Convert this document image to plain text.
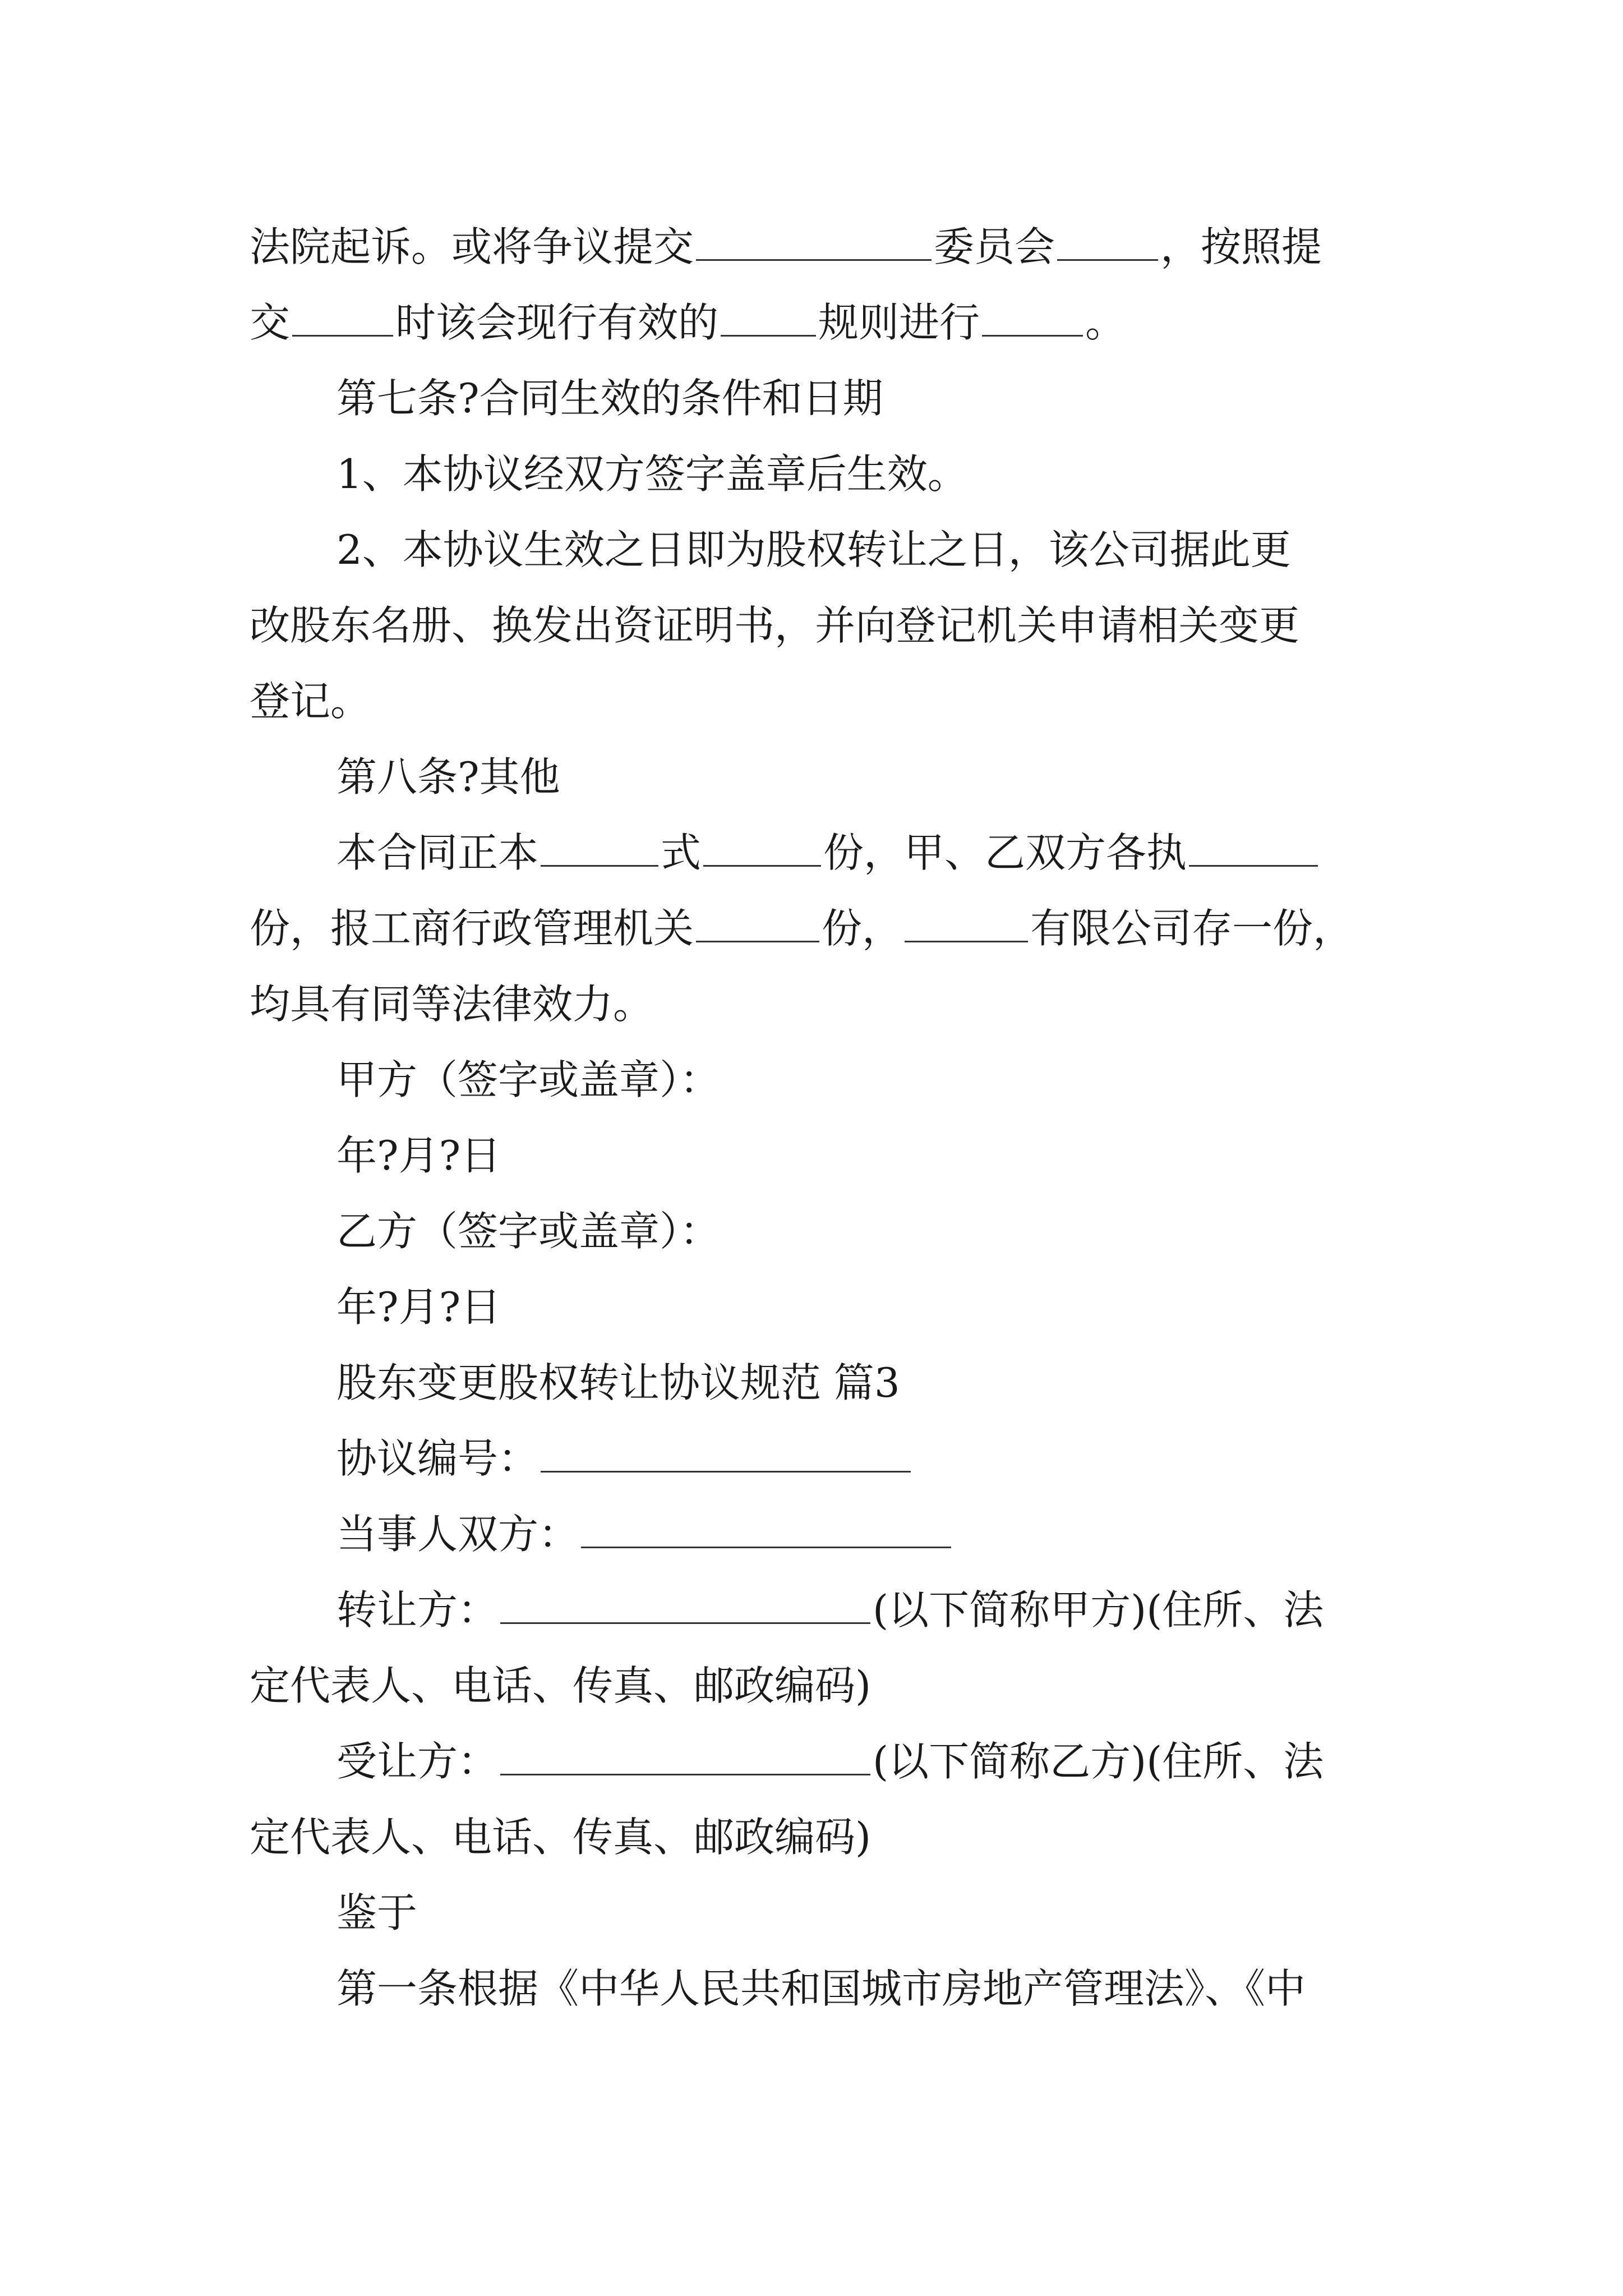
法院起诉。或将争议提交	委员会	，按照提
交	时该会现行有效的 规则进行	。
第七条?合同生效的条件和日期
1、本协议经双方签字盖章后生效。
2、本协议生效之日即为股权转让之日，该公司据此更
改股东名册、换发出资证明书，并向登记机关申请相关变更
登记。
第八条?其他
本合同正本	式	份，甲、乙双方各执
份，报工商行政管理机关	份，	有限公司存一份，
均具有同等法律效力。
甲方（签字或盖章）：
年?月?日
乙方（签字或盖章）：
年?月?日
股东变更股权转让协议规范 篇3
协议编号：
当事人双方：
转让方：	(以下简称甲方)(住所、法
定代表人、电话、传真、邮政编码)
受让方：	(以下简称乙方)(住所、法
定代表人、电话、传真、邮政编码)
鉴于
第一条根据《中华人民共和国城市房地产管理法》、《中
